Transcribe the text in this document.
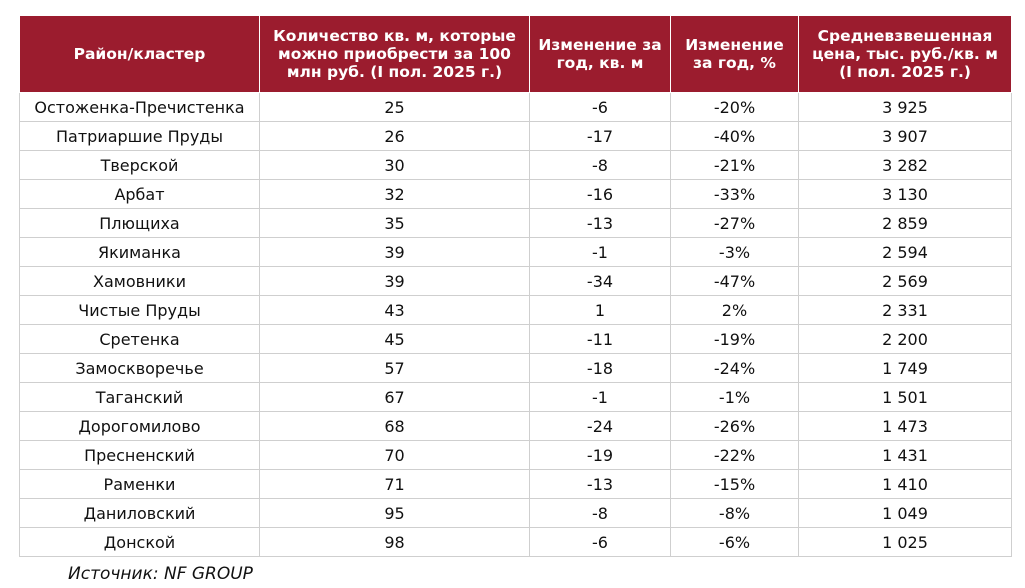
Район/кластер	Количество кв. м, которые можно приобрести за 100 млн руб. (I пол. 2025 г.)	Изменение за год, кв. м	Изменение за год, %	Средневзвешенная цена, тыс. руб./кв. м (I пол. 2025 г.)
Остоженка-Пречистенка	25	-6	-20%	3 925
Патриаршие Пруды	26	-17	-40%	3 907
Тверской	30	-8	-21%	3 282
Арбат	32	-16	-33%	3 130
Плющиха	35	-13	-27%	2 859
Якиманка	39	-1	-3%	2 594
Хамовники	39	-34	-47%	2 569
Чистые Пруды	43	1	2%	2 331
Сретенка	45	-11	-19%	2 200
Замоскворечье	57	-18	-24%	1 749
Таганский	67	-1	-1%	1 501
Дорогомилово	68	-24	-26%	1 473
Пресненский	70	-19	-22%	1 431
Раменки	71	-13	-15%	1 410
Даниловский	95	-8	-8%	1 049
Донской	98	-6	-6%	1 025
Источник: NF GROUP
